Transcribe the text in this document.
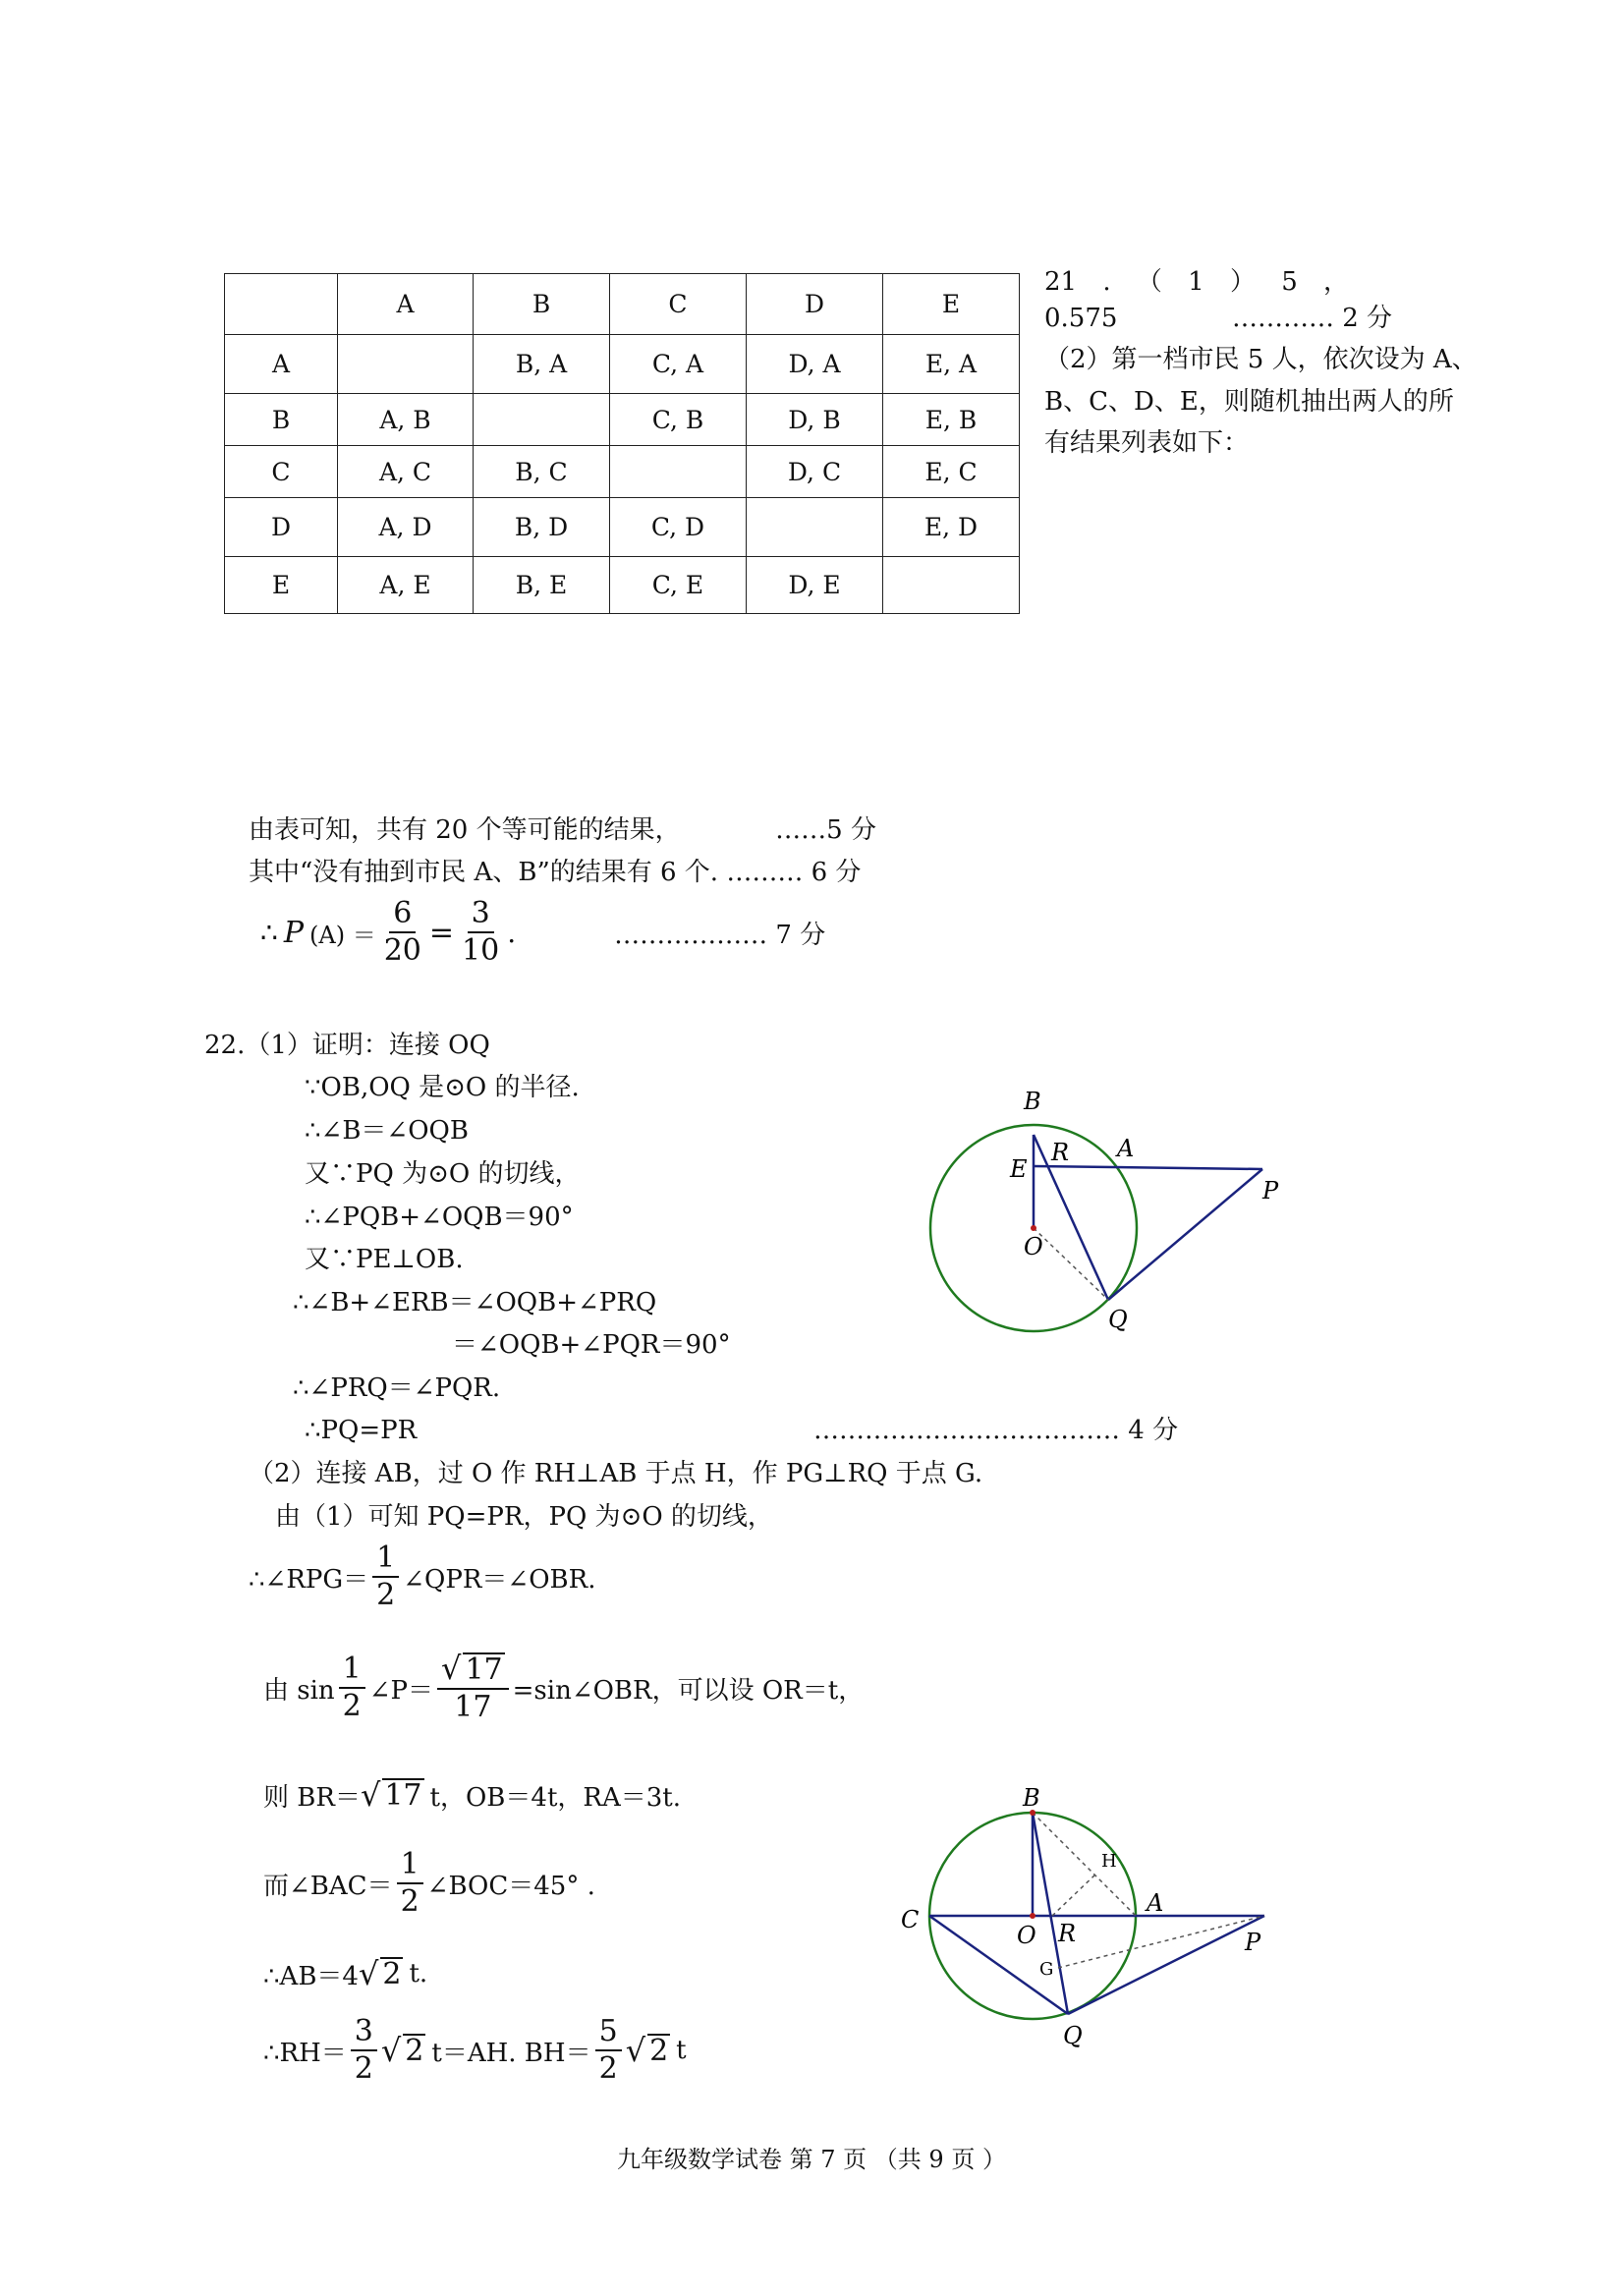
	A	B	C	D	E
A		B, A	C, A	D, A	E, A
B	A, B		C, B	D, B	E, B
C	A, C	B, C		D, C	E, C
D	A, D	B, D	C, D		E, D
E	A, E	B, E	C, E	D, E	
21 . （ 1 ） 5 ，
0.575	………… 2 分
（2）第一档市民 5 人，依次设为 A、
B、C、D、E，则随机抽出两人的所
有结果列表如下：
由表可知，共有 20 个等可能的结果，	……5 分
其中“没有抽到市民 A、B”的结果有 6 个. ……… 6 分
∴ P $(A) = \frac{6}{20} = \frac{3}{10}$ .	……………… 7 分
22.（1）证明：连接 OQ
∵OB,OQ 是⊙O 的半径.
∴∠B＝∠OQB
又∵PQ 为⊙O 的切线，
∴∠PQB+∠OQB＝90°
又∵PE⊥OB.
∴∠B+∠ERB＝∠OQB+∠PRQ
＝∠OQB+∠PQR＝90°
∴∠PRQ＝∠PQR.
∴PQ=PR	……………………………… 4 分
（2）连接 AB，过 O 作 RH⊥AB 于点 H，作 PG⊥RQ 于点 G.
由（1）可知 PQ=PR，PQ 为⊙O 的切线，
∴∠RPG＝ $\frac{1}{2}$ ∠QPR＝∠OBR.
由 $\sin \frac{1}{2}$ ∠P＝ $\frac{√ 17}{17}$ =sin∠OBR，可以设 OR＝t，
则 BR＝ √ 17 t，OB＝4t，RA＝3t.
而∠BAC＝ $\frac{1}{2}$ ∠BOC＝45° .
∴AB＝4 √ 2 t.
∴RH＝ $\frac{3}{2}$ √ 2 t＝AH. $BH= \frac{5}{2}$ √ 2 t
B
R A
E
P
O
Q
B
H
C
O R
A
P
G
Q
九年级数学试卷 第 7 页 （共 9 页 ）
